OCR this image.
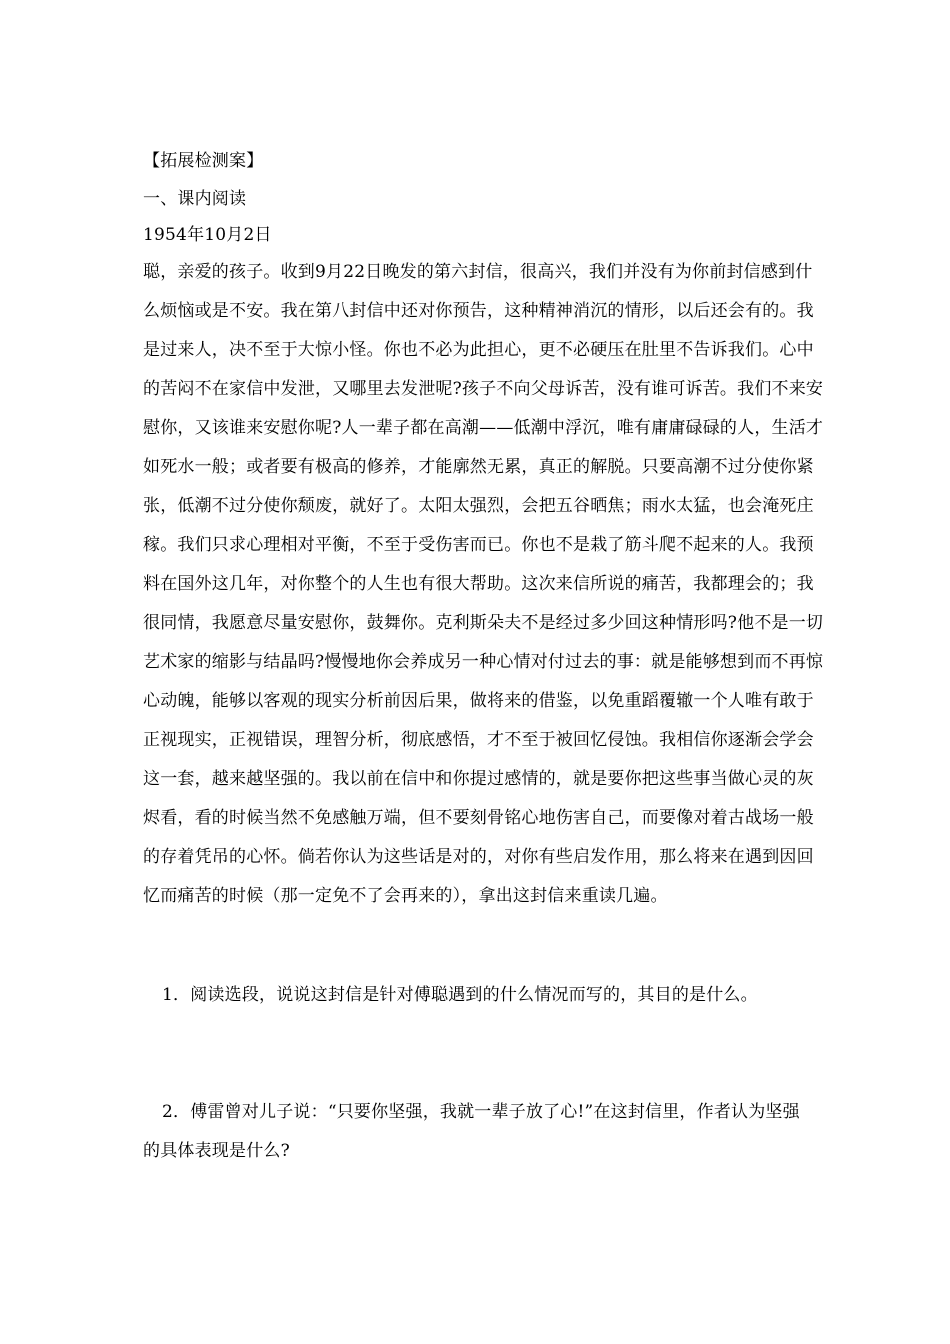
【拓展检测案】
一、课内阅读
1954年10月2日
聪，亲爱的孩子。收到9月22日晚发的第六封信，很高兴，我们并没有为你前封信感到什
么烦恼或是不安。我在第八封信中还对你预告，这种精神消沉的情形，以后还会有的。我
是过来人，决不至于大惊小怪。你也不必为此担心，更不必硬压在肚里不告诉我们。心中
的苦闷不在家信中发泄，又哪里去发泄呢?孩子不向父母诉苦，没有谁可诉苦。我们不来安
慰你，又该谁来安慰你呢?人一辈子都在高潮——低潮中浮沉，唯有庸庸碌碌的人，生活才
如死水一般；或者要有极高的修养，才能廓然无累，真正的解脱。只要高潮不过分使你紧
张，低潮不过分使你颓废，就好了。太阳太强烈，会把五谷晒焦；雨水太猛，也会淹死庄
稼。我们只求心理相对平衡，不至于受伤害而已。你也不是栽了筋斗爬不起来的人。我预
料在国外这几年，对你整个的人生也有很大帮助。这次来信所说的痛苦，我都理会的；我
很同情，我愿意尽量安慰你，鼓舞你。克利斯朵夫不是经过多少回这种情形吗?他不是一切
艺术家的缩影与结晶吗?慢慢地你会养成另一种心情对付过去的事：就是能够想到而不再惊
心动魄，能够以客观的现实分析前因后果，做将来的借鉴，以免重蹈覆辙一个人唯有敢于
正视现实，正视错误，理智分析，彻底感悟，才不至于被回忆侵蚀。我相信你逐渐会学会
这一套，越来越坚强的。我以前在信中和你提过感情的，就是要你把这些事当做心灵的灰
烬看，看的时候当然不免感触万端，但不要刻骨铭心地伤害自己，而要像对着古战场一般
的存着凭吊的心怀。倘若你认为这些话是对的，对你有些启发作用，那么将来在遇到因回
忆而痛苦的时候（那一定免不了会再来的），拿出这封信来重读几遍。
1．阅读选段，说说这封信是针对傅聪遇到的什么情况而写的，其目的是什么。
2．傅雷曾对儿子说：“只要你坚强，我就一辈子放了心!”在这封信里，作者认为坚强
的具体表现是什么?
